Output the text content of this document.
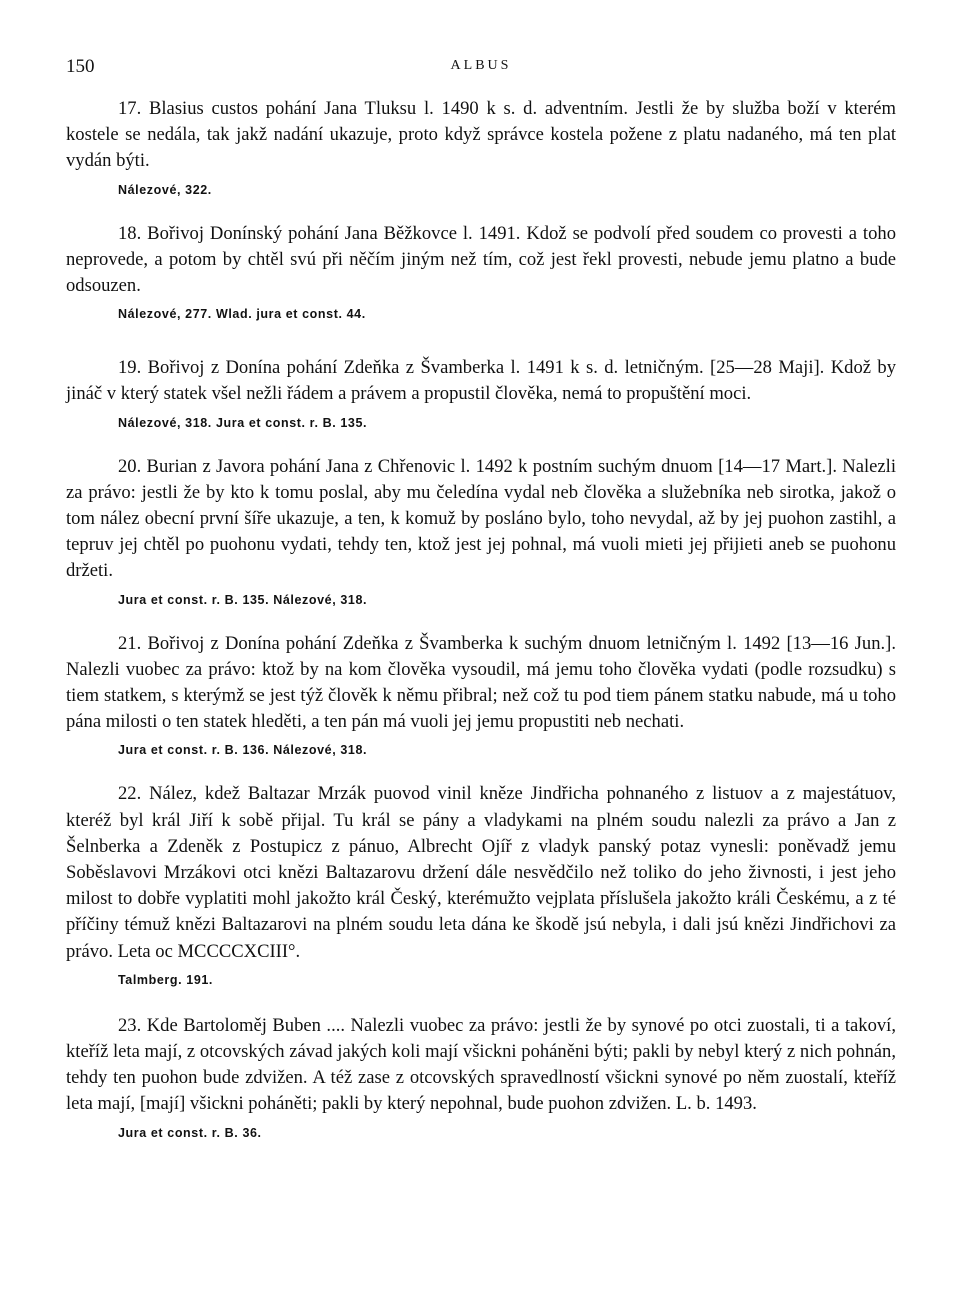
150	ALBUS

17. Blasius custos pohání Jana Tluksu l. 1490 k s. d. adventním. Jestli že by služba boží v kterém kostele se nedála, tak jakž nadání ukazuje, proto když správce kostela požene z platu nadaného, má ten plat vydán býti.

Nálezové, 322.

18. Bořivoj Donínský pohání Jana Běžkovce l. 1491. Kdož se podvolí před soudem co provesti a toho neprovede, a potom by chtěl svú při něčím jiným než tím, což jest řekl provesti, nebude jemu platno a bude odsouzen.

Nálezové, 277. Wlad. jura et const. 44.

19. Bořivoj z Donína pohání Zdeňka z Švamberka l. 1491 k s. d. letničným. [25—28 Maji]. Kdož by jináč v který statek všel nežli řádem a právem a propustil člověka, nemá to propuštění moci.

Nálezové, 318. Jura et const. r. B. 135.

20. Burian z Javora pohání Jana z Chřenovic l. 1492 k postním suchým dnuom [14—17 Mart.]. Nalezli za právo: jestli že by kto k tomu poslal, aby mu čeledína vydal neb člověka a služebníka neb sirotka, jakož o tom nález obecní první šíře ukazuje, a ten, k komuž by posláno bylo, toho nevydal, až by jej puohon zastihl, a tepruv jej chtěl po puohonu vydati, tehdy ten, ktož jest jej pohnal, má vuoli mieti jej přijieti aneb se puohonu držeti.

Jura et const. r. B. 135. Nálezové, 318.

21. Bořivoj z Donína pohání Zdeňka z Švamberka k suchým dnuom letničným l. 1492 [13—16 Jun.]. Nalezli vuobec za právo: ktož by na kom člověka vysoudil, má jemu toho člověka vydati (podle rozsudku) s tiem statkem, s kterýmž se jest týž člověk k němu přibral; než což tu pod tiem pánem statku nabude, má u toho pána milosti o ten statek hleděti, a ten pán má vuoli jej jemu propustiti neb nechati.

Jura et const. r. B. 136. Nálezové, 318.

22. Nález, kdež Baltazar Mrzák puovod vinil kněze Jindřicha pohnaného z listuov a z majestátuov, kteréž byl král Jiří k sobě přijal. Tu král se pány a vladykami na plném soudu nalezli za právo a Jan z Šelnberka a Zdeněk z Postupicz z pánuo, Albrecht Ojíř z vladyk panský potaz vynesli: poněvadž jemu Soběslavovi Mrzákovi otci knězi Baltazarovu držení dále nesvědčilo než toliko do jeho živnosti, i jest jeho milost to dobře vyplatiti mohl jakožto král Český, kterémužto vejplata příslušela jakožto králi Českému, a z té příčiny témuž knězi Baltazarovi na plném soudu leta dána ke škodě jsú nebyla, i dali jsú knězi Jindřichovi za právo. Leta oc MCCCCXCIII°.

Talmberg. 191.

23. Kde Bartoloměj Buben .... Nalezli vuobec za právo: jestli že by synové po otci zuostali, ti a takoví, kteříž leta mají, z otcovských závad jakých koli mají všickni poháněni býti; pakli by nebyl který z nich pohnán, tehdy ten puohon bude zdvižen. A též zase z otcovských spravedlností všickni synové po něm zuostalí, kteříž leta mají, [mají] všickni poháněti; pakli by který nepohnal, bude puohon zdvižen. L. b. 1493.

Jura et const. r. B. 36.
